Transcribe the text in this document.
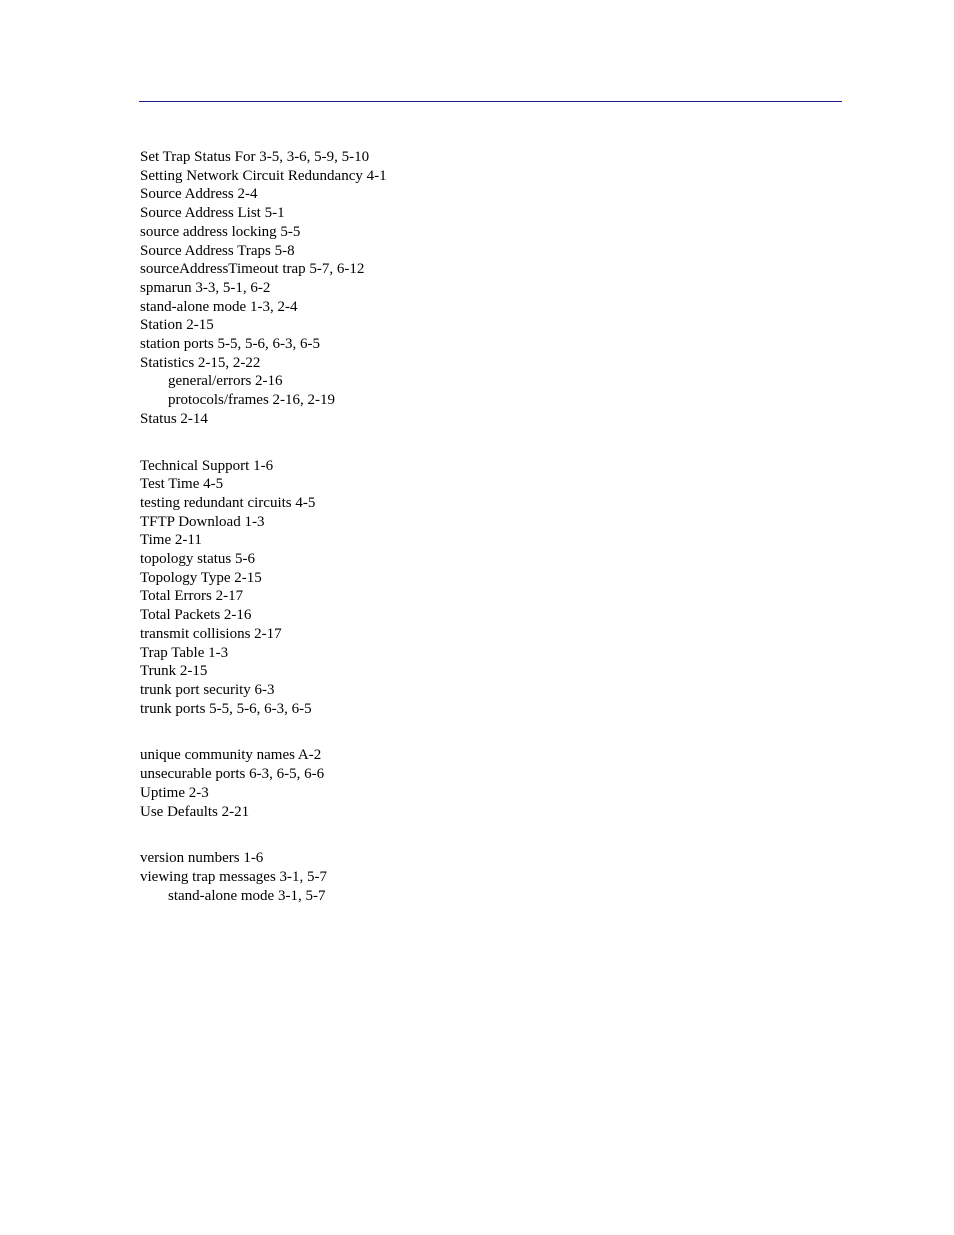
Set Trap Status For 3-5, 3-6, 5-9, 5-10
Setting Network Circuit Redundancy 4-1
Source Address 2-4
Source Address List 5-1
source address locking 5-5
Source Address Traps 5-8
sourceAddressTimeout trap 5-7, 6-12
spmarun 3-3, 5-1, 6-2
stand-alone mode 1-3, 2-4
Station 2-15
station ports 5-5, 5-6, 6-3, 6-5
Statistics 2-15, 2-22
general/errors 2-16
protocols/frames 2-16, 2-19
Status 2-14
Technical Support 1-6
Test Time 4-5
testing redundant circuits 4-5
TFTP Download 1-3
Time 2-11
topology status 5-6
Topology Type 2-15
Total Errors 2-17
Total Packets 2-16
transmit collisions 2-17
Trap Table 1-3
Trunk 2-15
trunk port security 6-3
trunk ports 5-5, 5-6, 6-3, 6-5
unique community names A-2
unsecurable ports 6-3, 6-5, 6-6
Uptime 2-3
Use Defaults 2-21
version numbers 1-6
viewing trap messages 3-1, 5-7
stand-alone mode 3-1, 5-7
